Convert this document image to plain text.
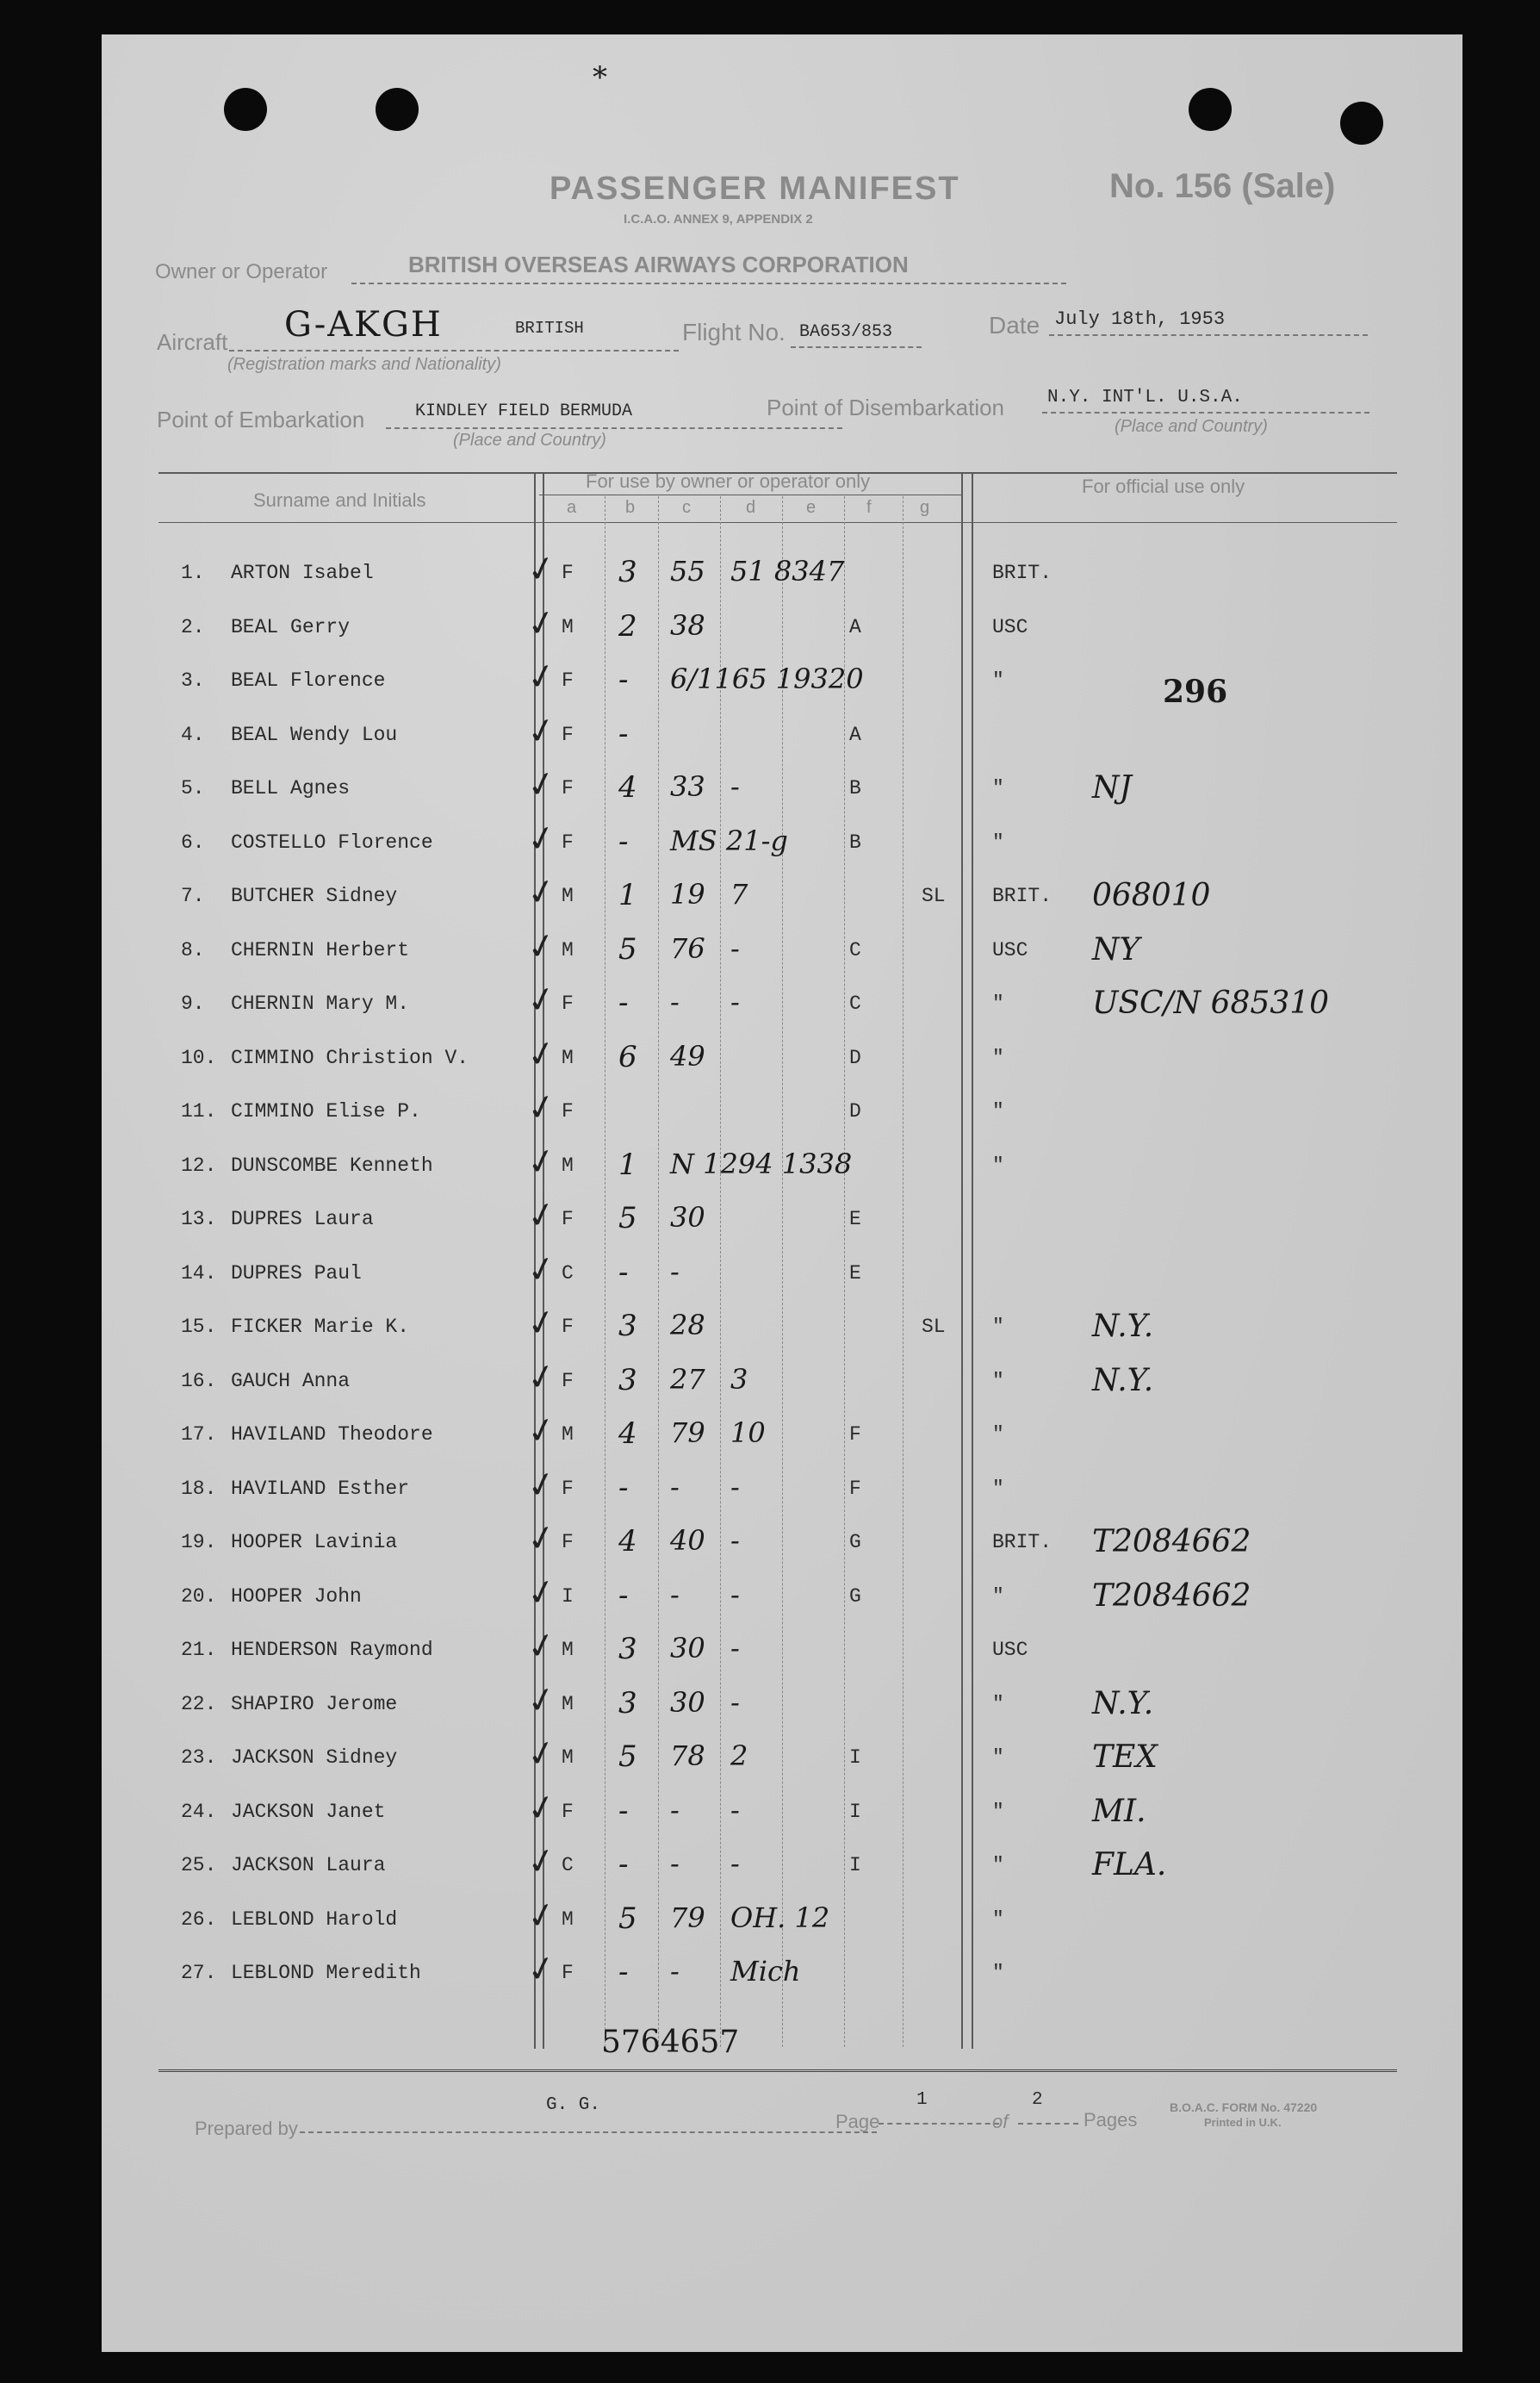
*
PASSENGER MANIFEST
I.C.A.O. ANNEX 9, APPENDIX 2
No. 156 (Sale)
Owner or Operator	BRITISH OVERSEAS AIRWAYS CORPORATION
Aircraft G-AKGH	BRITISH
(Registration marks and Nationality)
Flight No. BA653/853	Date July 18th, 1953
Point of Embarkation	KINDLEY FIELD BERMUDA
(Place and Country)
Point of Disembarkation N.Y. INT'L. U.S.A.
(Place and Country)
Surname and Initials
For use by owner or operator only	For official use only
a	b	c	d	e	f	g
296
1. ARTON Isabel	F 3 55 51 8347	BRIT.
✓
2. BEAL Gerry	M 2 38	A	USC
✓
3. BEAL Florence	F - 6/1165 19320	"
✓
4. BEAL Wendy Lou	F -	A
✓
5. BELL Agnes	F 4 33 -	B	"	NJ
✓
6. COSTELLO Florence	F - MS 21-g	B	"
✓
7. BUTCHER Sidney	M 1 19 7	SL BRIT. 068010
✓
8. CHERNIN Herbert	M 5 76 -	C	USC NY
✓
9. CHERNIN Mary M.	F - - -	C	"	USC/N 685310
✓
10. CIMMINO Christion V.	M 6 49	D	"
✓
11. CIMMINO Elise P.	F	D	"
✓
12. DUNSCOMBE Kenneth	M 1 N 1294 1338	"
✓
13. DUPRES Laura	F 5 30	E
✓
14. DUPRES Paul	C - -	E
✓
15. FICKER Marie K.	F 3 28	SL "	N.Y.
✓
16. GAUCH Anna	F 3 27 3	"	N.Y.
✓
17. HAVILAND Theodore	M 4 79 10	F	"
✓
18. HAVILAND Esther	F - - -	F	"
✓
19. HOOPER Lavinia	F 4 40 -	G	BRIT. T2084662
✓
20. HOOPER John	I - - -	G	"	T2084662
✓
21. HENDERSON Raymond	M 3 30 -	USC
✓
22. SHAPIRO Jerome	M 3 30 -	"	N.Y.
✓
23. JACKSON Sidney	M 5 78 2	I	"	TEX
✓
24. JACKSON Janet	F - - -	I	"	MI.
✓
25. JACKSON Laura	C - - -	I	"	FLA.
✓
26. LEBLOND Harold	M 5 79 OH. 12	"
✓
27. LEBLOND Meredith	F - - Mich	"
✓
5764657
Prepared by
G. G.
Page
1
of
2
Pages
B.O.A.C. FORM No. 47220
Printed in U.K.
